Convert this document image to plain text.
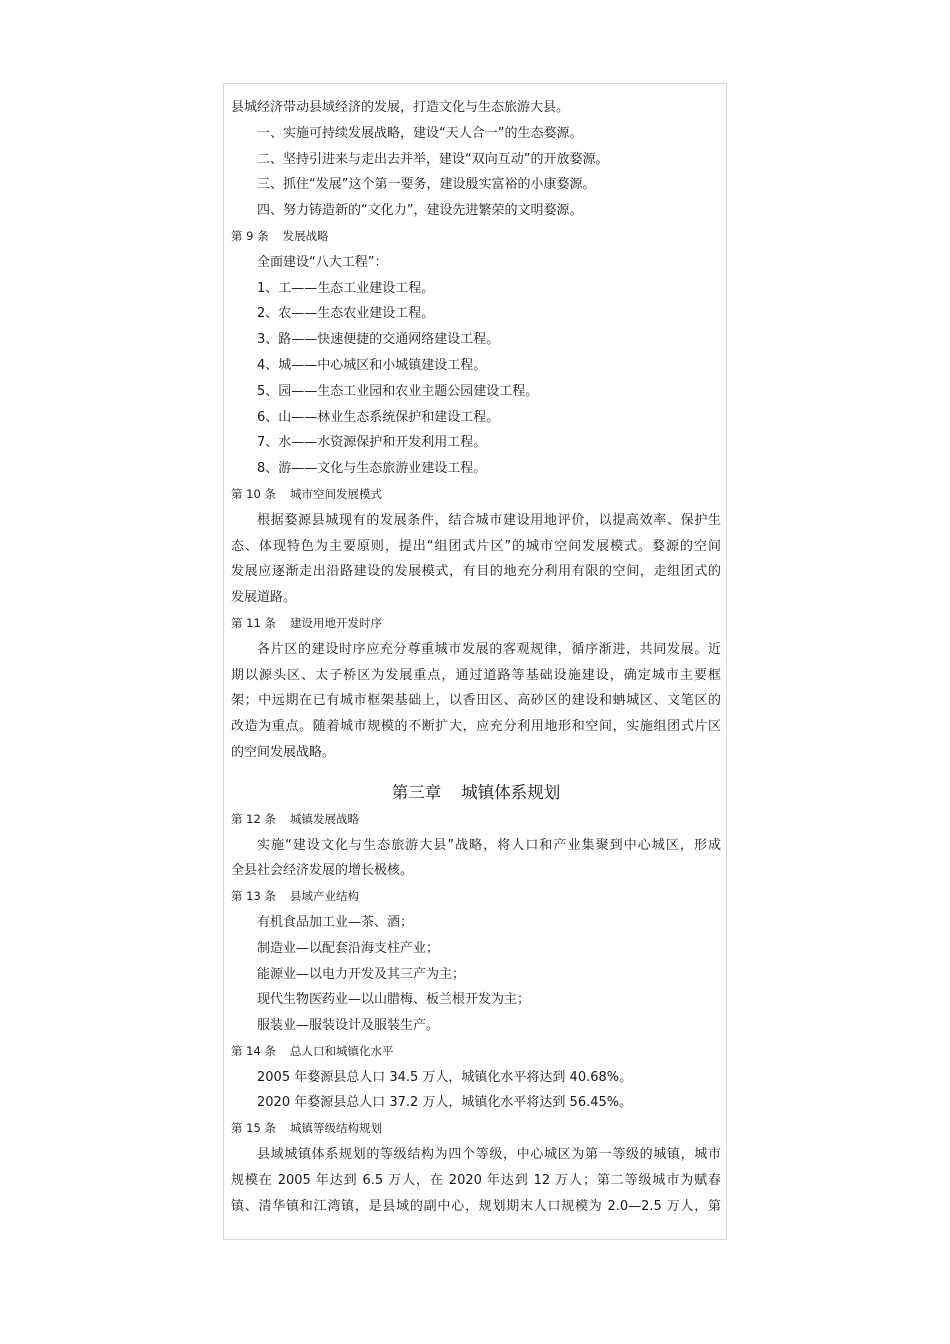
县城经济带动县域经济的发展，打造文化与生态旅游大县。

一、实施可持续发展战略，建设“天人合一”的生态婺源。

二、坚持引进来与走出去并举，建设“双向互动”的开放婺源。

三、抓住“发展”这个第一要务，建设殷实富裕的小康婺源。

四、努力铸造新的“文化力”，建设先进繁荣的文明婺源。

第 9 条 发展战略

全面建设“八大工程”：

1、工——生态工业建设工程。

2、农——生态农业建设工程。

3、路——快速便捷的交通网络建设工程。

4、城——中心城区和小城镇建设工程。

5、园——生态工业园和农业主题公园建设工程。

6、山——林业生态系统保护和建设工程。

7、水——水资源保护和开发利用工程。

8、游——文化与生态旅游业建设工程。

第 10 条 城市空间发展模式

根据婺源县城现有的发展条件，结合城市建设用地评价，以提高效率、保护生
态、体现特色为主要原则，提出“组团式片区”的城市空间发展模式。婺源的空间
发展应逐渐走出沿路建设的发展模式，有目的地充分利用有限的空间，走组团式的
发展道路。

第 11 条 建设用地开发时序

各片区的建设时序应充分尊重城市发展的客观规律，循序渐进，共同发展。近
期以源头区、太子桥区为发展重点，通过道路等基础设施建设，确定城市主要框
架；中远期在已有城市框架基础上，以香田区、高砂区的建设和蚺城区、文笔区的
改造为重点。随着城市规模的不断扩大，应充分利用地形和空间，实施组团式片区
的空间发展战略。

第三章 城镇体系规划

第 12 条 城镇发展战略

实施“建设文化与生态旅游大县”战略，将人口和产业集聚到中心城区，形成
全县社会经济发展的增长极核。

第 13 条 县域产业结构

有机食品加工业—茶、酒；

制造业—以配套沿海支柱产业；

能源业—以电力开发及其三产为主；

现代生物医药业—以山腊梅、板兰根开发为主；

服装业—服装设计及服装生产。

第 14 条 总人口和城镇化水平

2005 年婺源县总人口 34.5 万人，城镇化水平将达到 40.68%。

2020 年婺源县总人口 37.2 万人，城镇化水平将达到 56.45%。

第 15 条 城镇等级结构规划

县域城镇体系规划的等级结构为四个等级，中心城区为第一等级的城镇，城市
规模在 2005 年达到 6.5 万人，在 2020 年达到 12 万人；第二等级城市为赋春
镇、清华镇和江湾镇，是县域的副中心，规划期末人口规模为 2.0—2.5 万人，第
